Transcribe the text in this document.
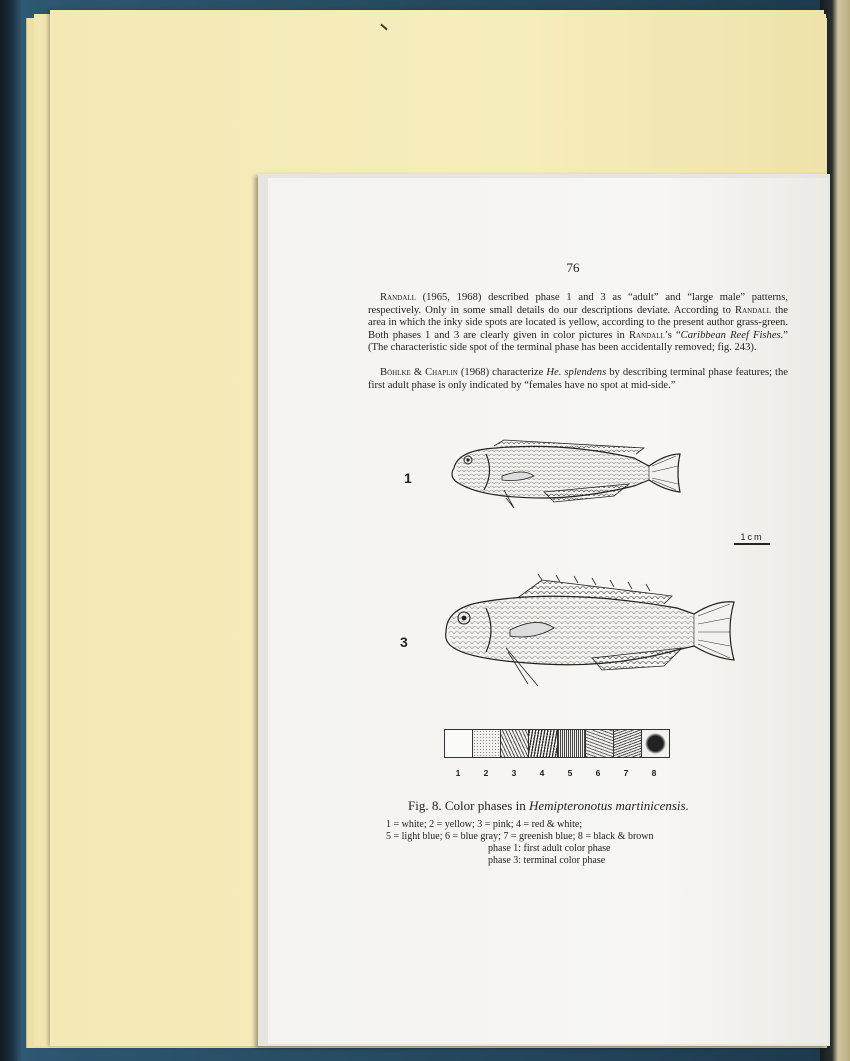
76

Randall (1965, 1968) described phase 1 and 3 as “adult” and “large male” patterns, respectively. Only in some small details do our descriptions deviate. According to Randall the area in which the inky side spots are located is yellow, according to the present author grass-green. Both phases 1 and 3 are clearly given in color pictures in Randall’s “Caribbean Reef Fishes.” (The characteristic side spot of the terminal phase has been accidentally removed; fig. 243).

Böhlke & Chaplin (1968) characterize He. splendens by describing terminal phase features; the first adult phase is only indicated by “females have no spot at mid-side.”

1
1cm
3
1	2	3	4	5	6	7	8
Fig. 8. Color phases in Hemipteronotus martinicensis.
1 = white; 2 = yellow; 3 = pink; 4 = red & white;
5 = light blue; 6 = blue gray; 7 = greenish blue; 8 = black & brown
phase 1: first adult color phase
phase 3: terminal color phase
